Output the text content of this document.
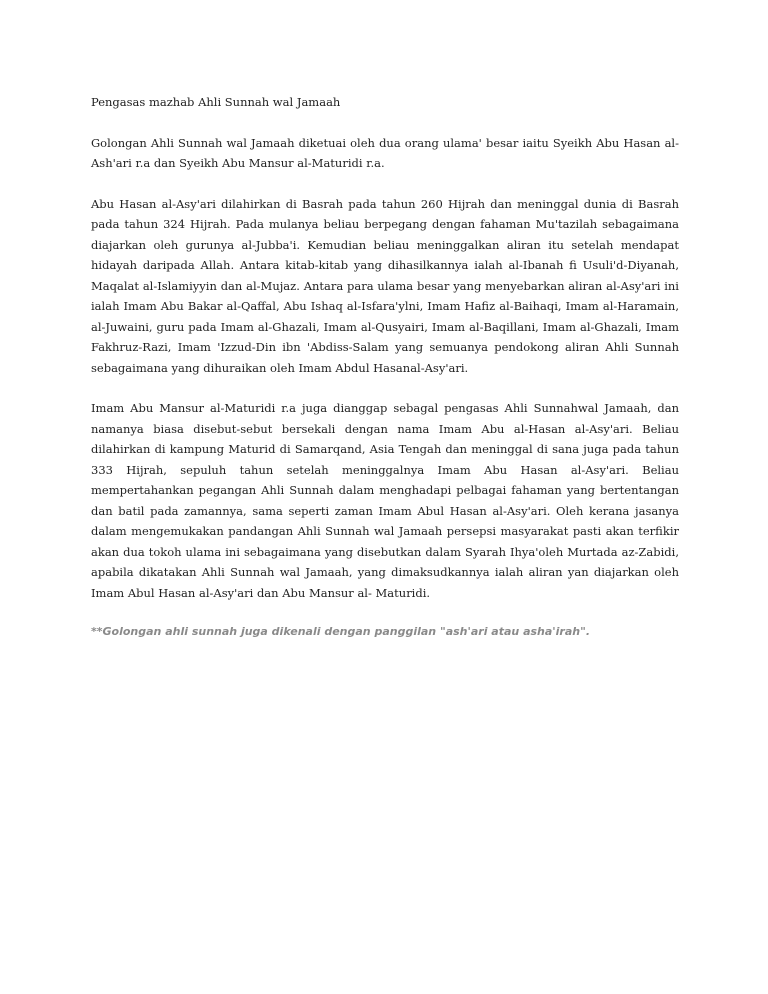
Pengasas mazhab Ahli Sunnah wal Jamaah

Golongan Ahli Sunnah wal Jamaah diketuai oleh dua orang ulama' besar iaitu Syeikh Abu Hasan al-Ash'ari r.a dan Syeikh Abu Mansur al-Maturidi r.a.

Abu Hasan al-Asy'ari dilahirkan di Basrah pada tahun 260 Hijrah dan meninggal dunia di Basrah pada tahun 324 Hijrah. Pada mulanya beliau berpegang dengan fahaman Mu'tazilah sebagaimana diajarkan oleh gurunya al-Jubba'i. Kemudian beliau meninggalkan aliran itu setelah mendapat hidayah daripada Allah. Antara kitab-kitab yang dihasilkannya ialah al-Ibanah fi Usuli'd-Diyanah, Maqalat al-Islamiyyin dan al-Mujaz. Antara para ulama besar yang menyebarkan aliran al-Asy'ari ini ialah Imam Abu Bakar al-Qaffal, Abu Ishaq al-Isfara'ylni, Imam Hafiz al-Baihaqi, Imam al-Haramain, al-Juwaini, guru pada Imam al-Ghazali, Imam al-Qusyairi, Imam al-Baqillani, Imam al-Ghazali, Imam Fakhruz-Razi, Imam 'Izzud-Din ibn 'Abdiss-Salam yang semuanya pendokong aliran Ahli Sunnah sebagaimana yang dihuraikan oleh Imam Abdul Hasanal-Asy'ari.

Imam Abu Mansur al-Maturidi r.a juga dianggap sebagal pengasas Ahli Sunnahwal Jamaah, dan namanya biasa disebut-sebut bersekali dengan nama Imam Abu al-Hasan al-Asy'ari. Beliau dilahirkan di kampung Maturid di Samarqand, Asia Tengah dan meninggal di sana juga pada tahun 333 Hijrah, sepuluh tahun setelah meninggalnya Imam Abu Hasan al-Asy'ari. Beliau mempertahankan pegangan Ahli Sunnah dalam menghadapi pelbagai fahaman yang bertentangan dan batil pada zamannya, sama seperti zaman Imam Abul Hasan al-Asy'ari. Oleh kerana jasanya dalam mengemukakan pandangan Ahli Sunnah wal Jamaah persepsi masyarakat pasti akan terfikir akan dua tokoh ulama ini sebagaimana yang disebutkan dalam Syarah Ihya'oleh Murtada az-Zabidi, apabila dikatakan Ahli Sunnah wal Jamaah, yang dimaksudkannya ialah aliran yan diajarkan oleh Imam Abul Hasan al-Asy'ari dan Abu Mansur al- Maturidi.

**Golongan ahli sunnah juga dikenali dengan panggilan "ash'ari atau asha'irah".
